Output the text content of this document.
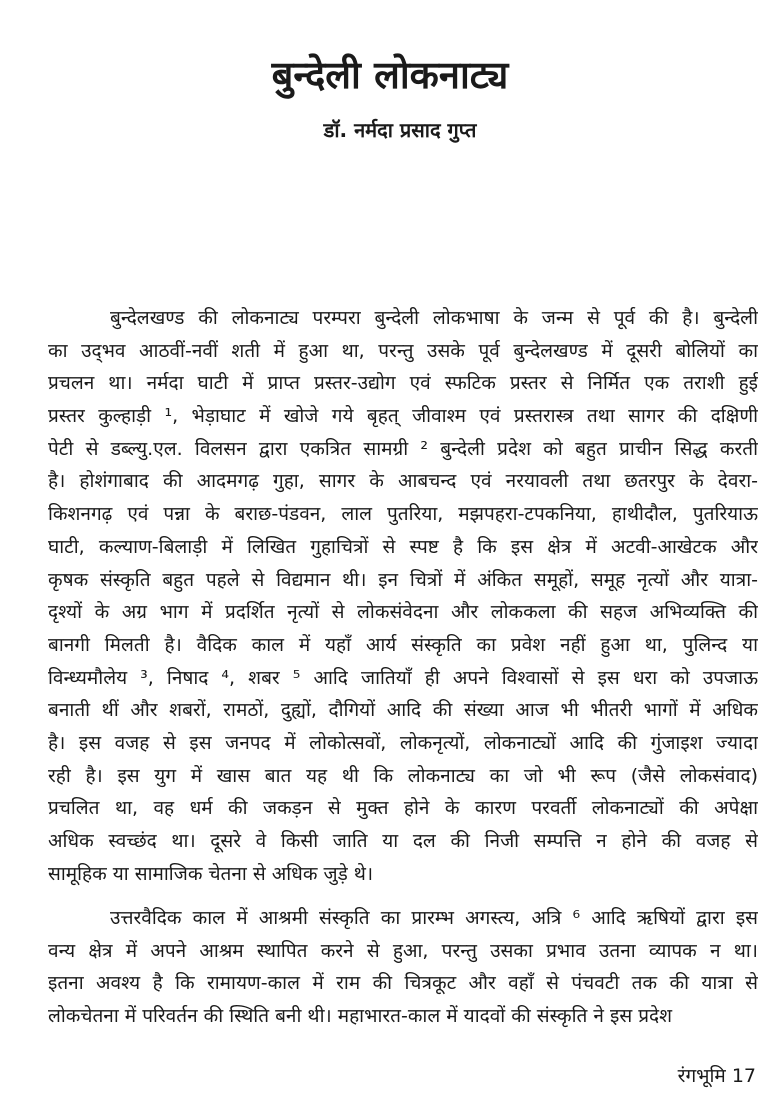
बुन्देली लोकनाट्य
डॉ. नर्मदा प्रसाद गुप्त
बुन्देलखण्ड की लोकनाट्य परम्परा बुन्देली लोकभाषा के जन्म से पूर्व की है। बुन्देली
का उद्‌भव आठवीं-नवीं शती में हुआ था, परन्तु उसके पूर्व बुन्देलखण्ड में दूसरी बोलियों का
प्रचलन था। नर्मदा घाटी में प्राप्त प्रस्तर-उद्योग एवं स्फटिक प्रस्तर से निर्मित एक तराशी हुई
प्रस्तर कुल्हाड़ी ¹, भेड़ाघाट में खोजे गये बृहत् जीवाश्म एवं प्रस्तरास्त्र तथा सागर की दक्षिणी
पेटी से डब्ल्यु.एल. विलसन द्वारा एकत्रित सामग्री ² बुन्देली प्रदेश को बहुत प्राचीन सिद्ध करती
है। होशंगाबाद की आदमगढ़ गुहा, सागर के आबचन्द एवं नरयावली तथा छतरपुर के देवरा-
किशनगढ़ एवं पन्ना के बराछ-पंडवन, लाल पुतरिया, मझपहरा-टपकनिया, हाथीदौल, पुतरियाऊ
घाटी, कल्याण-बिलाड़ी में लिखित गुहाचित्रों से स्पष्ट है कि इस क्षेत्र में अटवी-आखेटक और
कृषक संस्कृति बहुत पहले से विद्यमान थी। इन चित्रों में अंकित समूहों, समूह नृत्यों और यात्रा-
दृश्यों के अग्र भाग में प्रदर्शित नृत्यों से लोकसंवेदना और लोककला की सहज अभिव्यक्ति की
बानगी मिलती है। वैदिक काल में यहाँ आर्य संस्कृति का प्रवेश नहीं हुआ था, पुलिन्द या
विन्ध्यमौलेय ³, निषाद ⁴, शबर ⁵ आदि जातियाँ ही अपने विश्वासों से इस धरा को उपजाऊ
बनाती थीं और शबरों, रामठों, दुह्यों, दौगियों आदि की संख्या आज भी भीतरी भागों में अधिक
है। इस वजह से इस जनपद में लोकोत्सवों, लोकनृत्यों, लोकनाट्यों आदि की गुंजाइश ज्यादा
रही है। इस युग में खास बात यह थी कि लोकनाट्य का जो भी रूप (जैसे लोकसंवाद)
प्रचलित था, वह धर्म की जकड़न से मुक्त होने के कारण परवर्ती लोकनाट्यों की अपेक्षा
अधिक स्वच्छंद था। दूसरे वे किसी जाति या दल की निजी सम्पत्ति न होने की वजह से
सामूहिक या सामाजिक चेतना से अधिक जुड़े थे।
उत्तरवैदिक काल में आश्रमी संस्कृति का प्रारम्भ अगस्त्य, अत्रि ⁶ आदि ऋषियों द्वारा इस
वन्य क्षेत्र में अपने आश्रम स्थापित करने से हुआ, परन्तु उसका प्रभाव उतना व्यापक न था।
इतना अवश्य है कि रामायण-काल में राम की चित्रकूट और वहाँ से पंचवटी तक की यात्रा से
लोकचेतना में परिवर्तन की स्थिति बनी थी। महाभारत-काल में यादवों की संस्कृति ने इस प्रदेश
रंगभूमि 17
